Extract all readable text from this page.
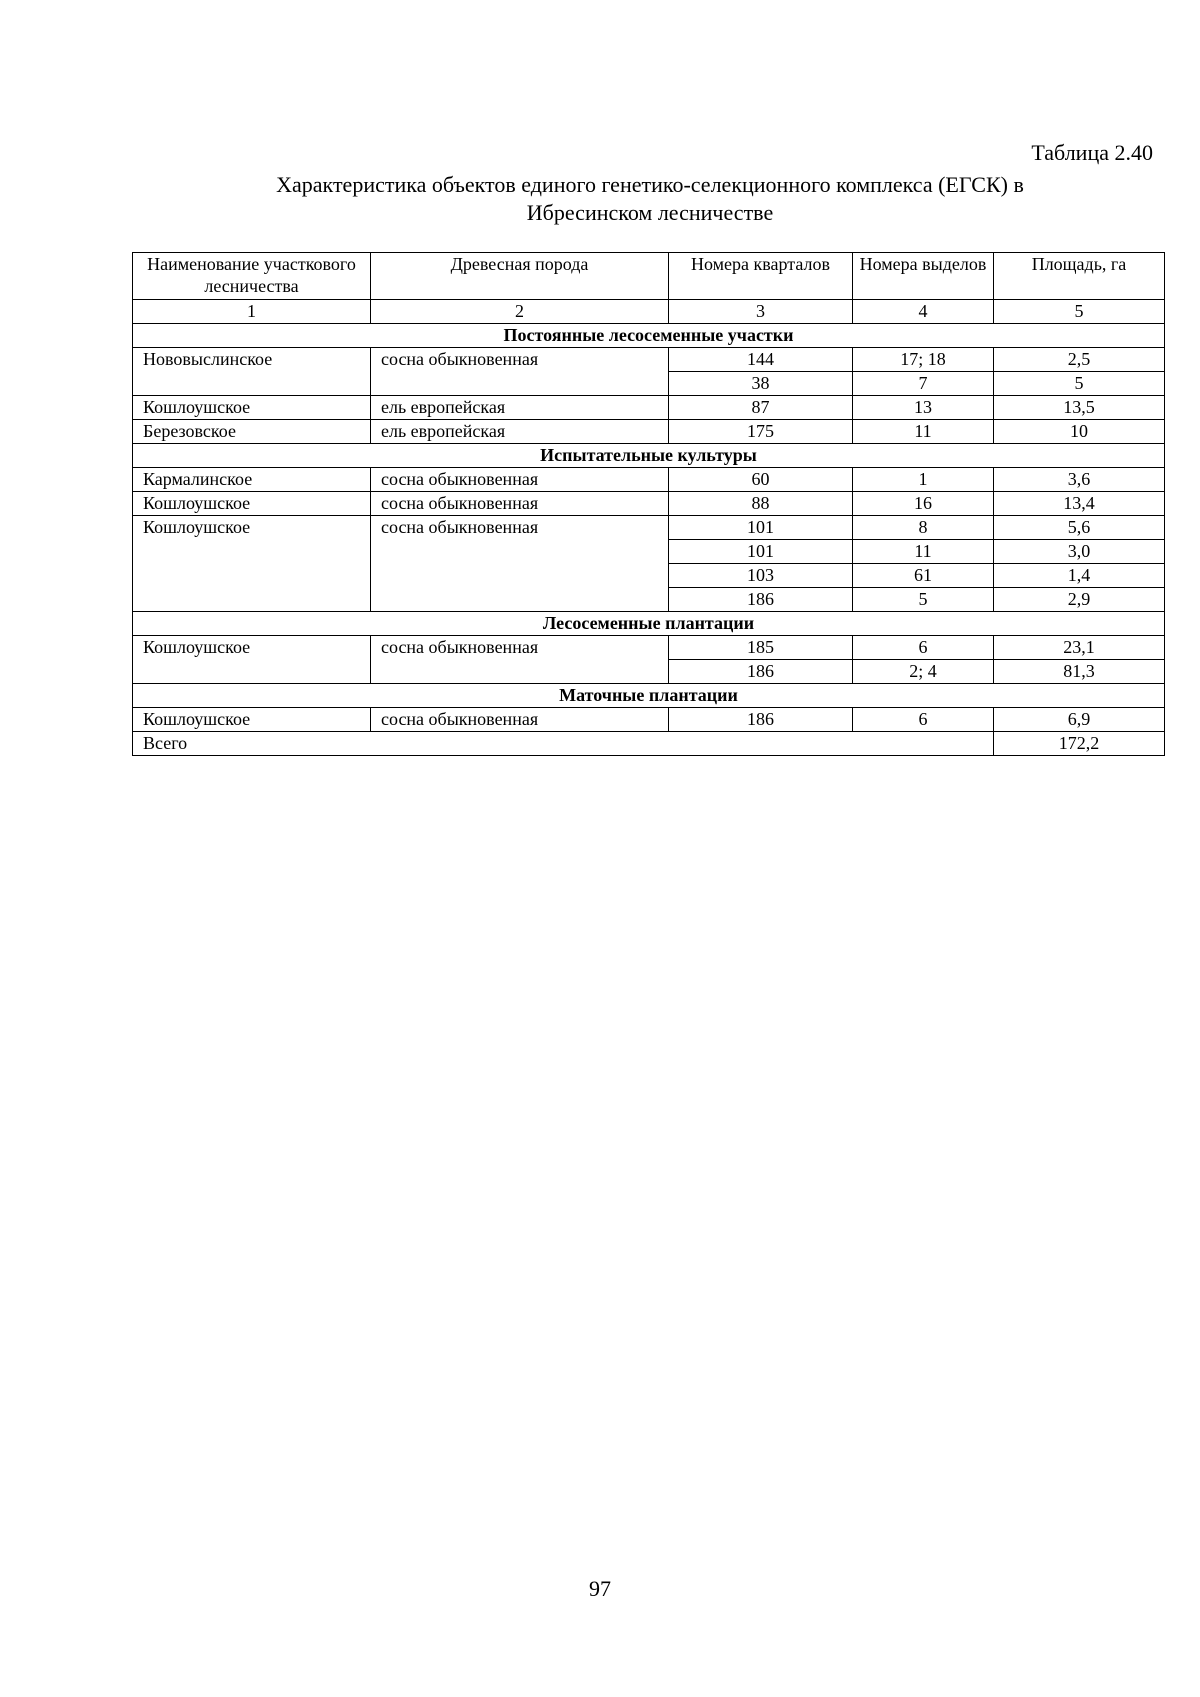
Таблица 2.40
Характеристика объектов единого генетико-селекционного комплекса (ЕГСК) в
Ибресинском лесничестве
Наименование участкового лесничества	Древесная порода	Номера кварталов	Номера выделов	Площадь, га
1	2	3	4	5
Постоянные лесосеменные участки				
Нововыслинское	сосна обыкновенная	144	17; 18	2,5
		38	7	5
Кошлоушское	ель европейская	87	13	13,5
Березовское	ель европейская	175	11	10
Испытательные культуры				
Кармалинское	сосна обыкновенная	60	1	3,6
Кошлоушское	сосна обыкновенная	88	16	13,4
Кошлоушское	сосна обыкновенная	101	8	5,6
		101	11	3,0
		103	61	1,4
		186	5	2,9
Лесосеменные плантации				
Кошлоушское	сосна обыкновенная	185	6	23,1
		186	2; 4	81,3
Маточные плантации				
Кошлоушское	сосна обыкновенная	186	6	6,9
Всего				172,2
97
